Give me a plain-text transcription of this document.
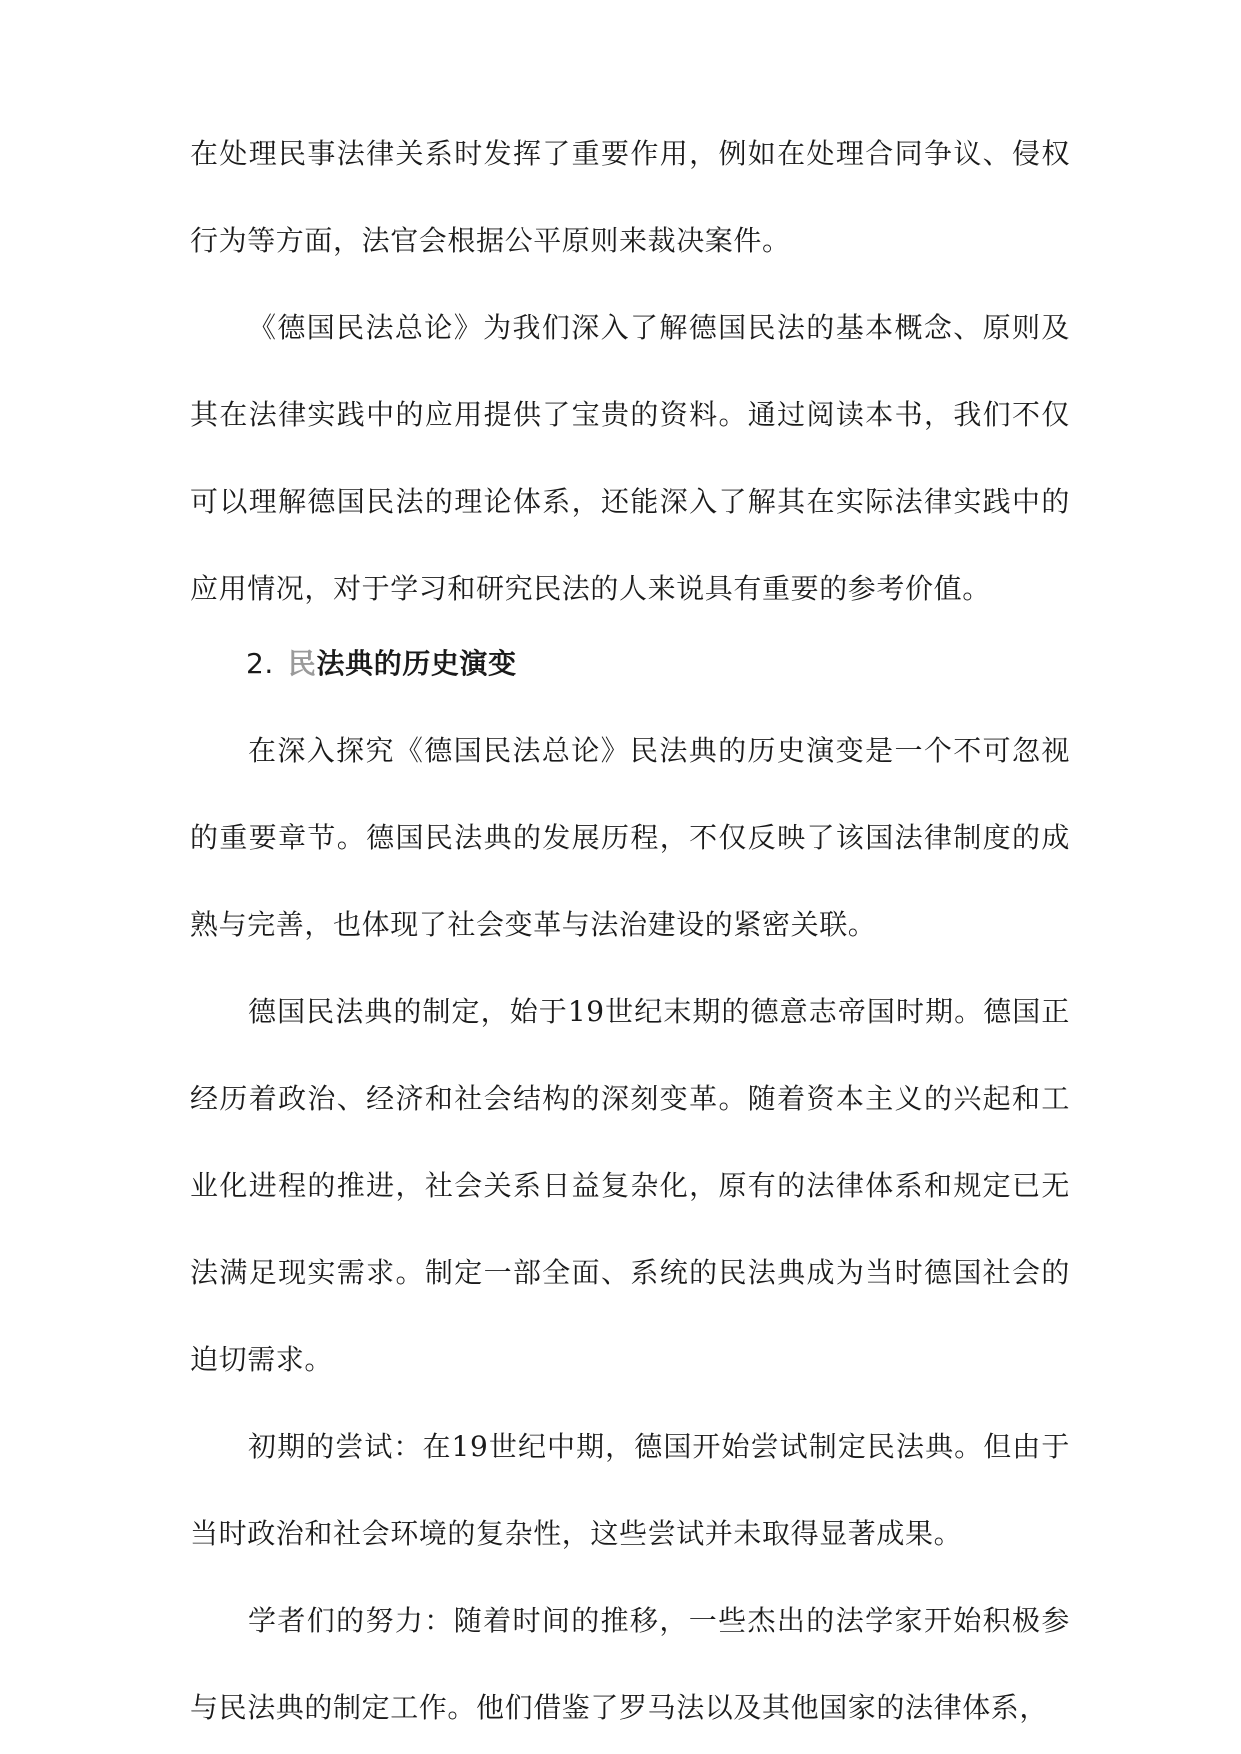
在处理民事法律关系时发挥了重要作用，例如在处理合同争议、侵权行为等方面，法官会根据公平原则来裁决案件。

《德国民法总论》为我们深入了解德国民法的基本概念、原则及其在法律实践中的应用提供了宝贵的资料。通过阅读本书，我们不仅可以理解德国民法的理论体系，还能深入了解其在实际法律实践中的应用情况，对于学习和研究民法的人来说具有重要的参考价值。

2. 民法典的历史演变

在深入探究《德国民法总论》民法典的历史演变是一个不可忽视的重要章节。德国民法典的发展历程，不仅反映了该国法律制度的成熟与完善，也体现了社会变革与法治建设的紧密关联。

德国民法典的制定，始于19世纪末期的德意志帝国时期。德国正经历着政治、经济和社会结构的深刻变革。随着资本主义的兴起和工业化进程的推进，社会关系日益复杂化，原有的法律体系和规定已无法满足现实需求。制定一部全面、系统的民法典成为当时德国社会的迫切需求。

初期的尝试：在19世纪中期，德国开始尝试制定民法典。但由于当时政治和社会环境的复杂性，这些尝试并未取得显著成果。

学者们的努力：随着时间的推移，一些杰出的法学家开始积极参与民法典的制定工作。他们借鉴了罗马法以及其他国家的法律体系，
